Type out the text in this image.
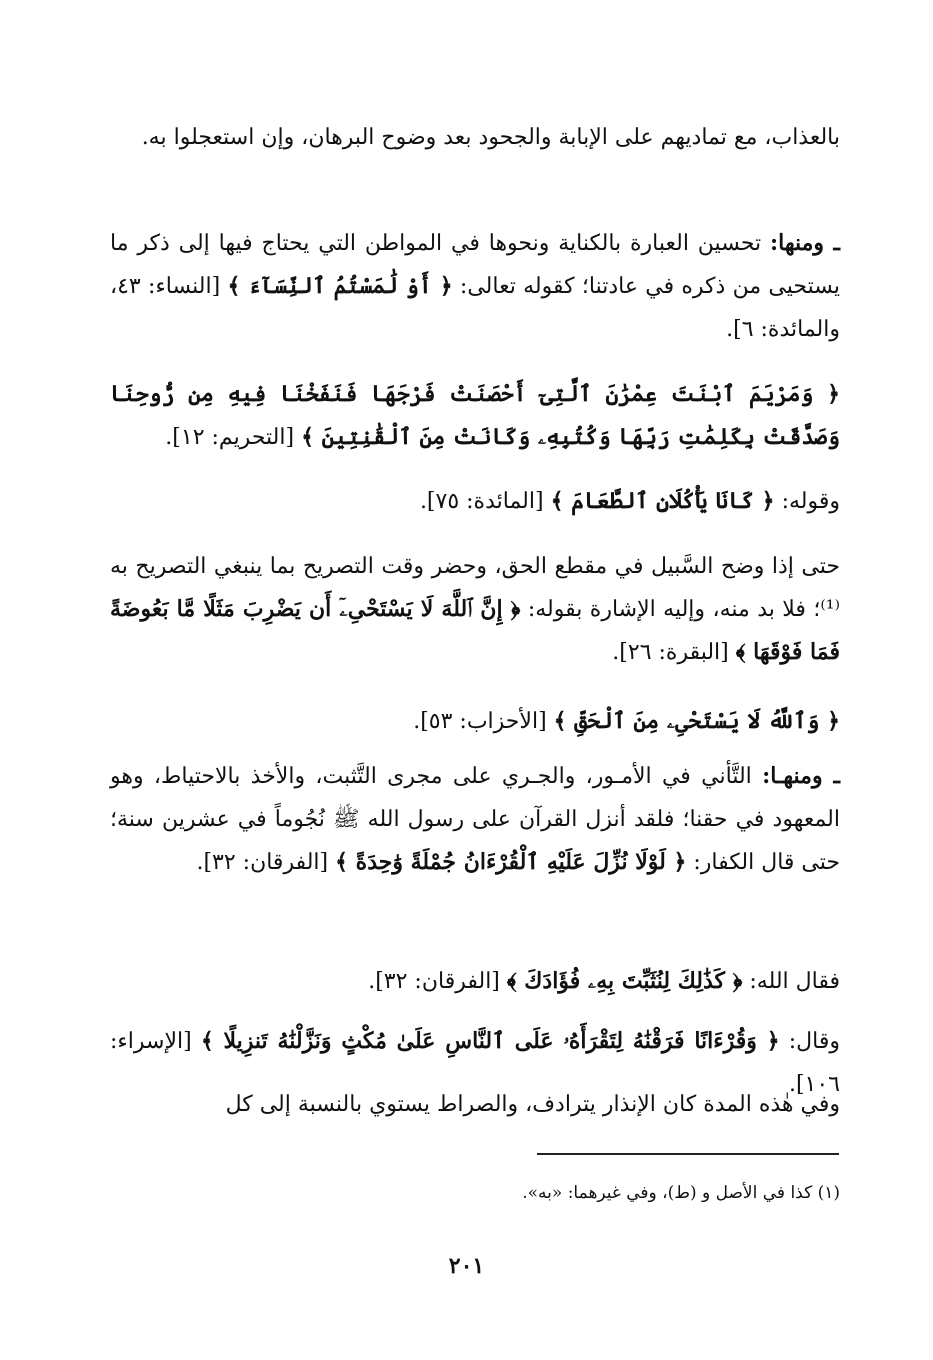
بالعذاب، مع تماديهم على الإبابة والجحود بعد وضوح البرهان، وإن استعجلوا به.
ـ ومنها: تحسين العبارة بالكناية ونحوها في المواطن التي يحتاج فيها إلى ذكر ما يستحيى من ذكره في عادتنا؛ كقوله تعالى: ﴿ أَوْ لَٰمَسْتُمُ ٱلنِّسَآءَ ﴾ [النساء: ٤٣، والمائدة: ٦].
﴿ وَمَرْيَمَ ٱبْنَتَ عِمْرَٰنَ ٱلَّتِىٓ أَحْصَنَتْ فَرْجَهَا فَنَفَخْنَا فِيهِ مِن رُّوحِنَا وَصَدَّقَتْ بِكَلِمَٰتِ رَبِّهَا وَكُتُبِهِۦ وَكَانَتْ مِنَ ٱلْقَٰنِتِينَ ﴾ [التحريم: ١٢].
وقوله: ﴿ كَانَا يَأْكُلَانِ ٱلطَّعَامَ ﴾ [المائدة: ٧٥].
حتى إذا وضح السَّبيل في مقطع الحق، وحضر وقت التصريح بما ينبغي التصريح به ⁽¹⁾؛ فلا بد منه، وإليه الإشارة بقوله: ﴿ إِنَّ ٱللَّهَ لَا يَسْتَحْىِۦٓ أَن يَضْرِبَ مَثَلًا مَّا بَعُوضَةً فَمَا فَوْقَهَا ﴾ [البقرة: ٢٦].
﴿ وَٱللَّهُ لَا يَسْتَحْىِۦ مِنَ ٱلْحَقِّ ﴾ [الأحزاب: ٥٣].
ـ ومنهـا: التَّأني في الأمـور، والجـري على مجرى التَّثبت، والأخذ بالاحتياط، وهو المعهود في حقنا؛ فلقد أنزل القرآن على رسول الله ﷺ نُجُوماً في عشرين سنة؛ حتى قال الكفار: ﴿ لَوْلَا نُزِّلَ عَلَيْهِ ٱلْقُرْءَانُ جُمْلَةً وَٰحِدَةً ﴾ [الفرقان: ٣٢].
فقال الله: ﴿ كَذَٰلِكَ لِنُثَبِّتَ بِهِۦ فُؤَادَكَ ﴾ [الفرقان: ٣٢].
وقال: ﴿ وَقُرْءَانًا فَرَقْنَٰهُ لِتَقْرَأَهُۥ عَلَى ٱلنَّاسِ عَلَىٰ مُكْثٍ وَنَزَّلْنَٰهُ تَنزِيلًا ﴾ [الإسراء: ١٠٦].
وفي هٰذه المدة كان الإنذار يترادف، والصراط يستوي بالنسبة إلى كل
(١) كذا في الأصل و (ط)، وفي غيرهما: «به».
٢٠١
